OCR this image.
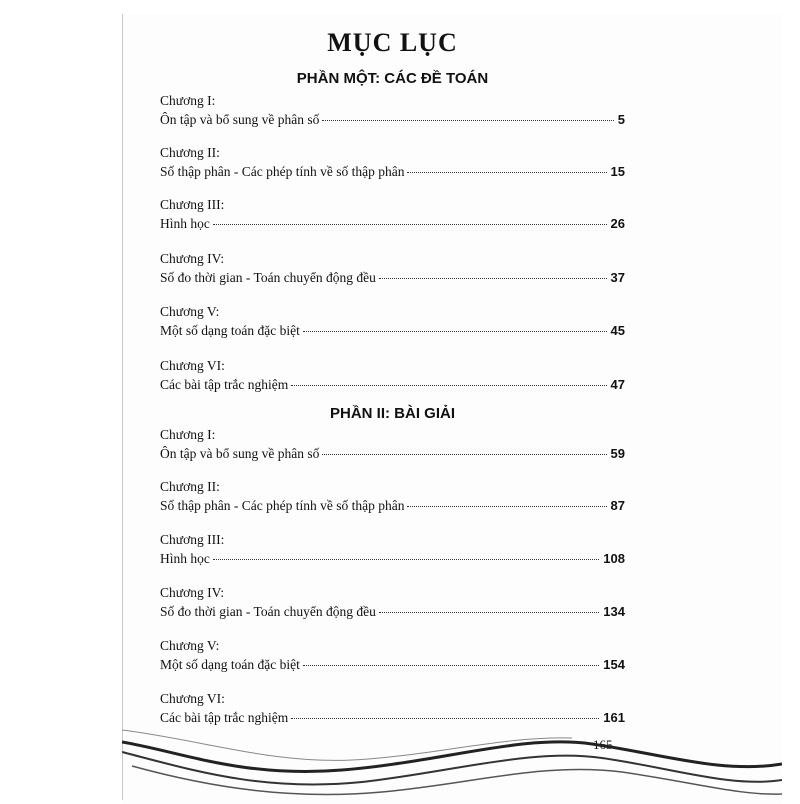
MỤC LỤC
PHẦN MỘT: CÁC ĐỀ TOÁN
Chương I:
Ôn tập và bổ sung về phân số	5
Chương II:
Số thập phân - Các phép tính về số thập phân	15
Chương III:
Hình học	26
Chương IV:
Số đo thời gian - Toán chuyển động đều	37
Chương V:
Một số dạng toán đặc biệt	45
Chương VI:
Các bài tập trắc nghiệm	47
PHẦN II: BÀI GIẢI
Chương I:
Ôn tập và bổ sung về phân số	59
Chương II:
Số thập phân - Các phép tính về số thập phân	87
Chương III:
Hình học	108
Chương IV:
Số đo thời gian - Toán chuyển động đều	134
Chương V:
Một số dạng toán đặc biệt	154
Chương VI:
Các bài tập trắc nghiệm	161
165
